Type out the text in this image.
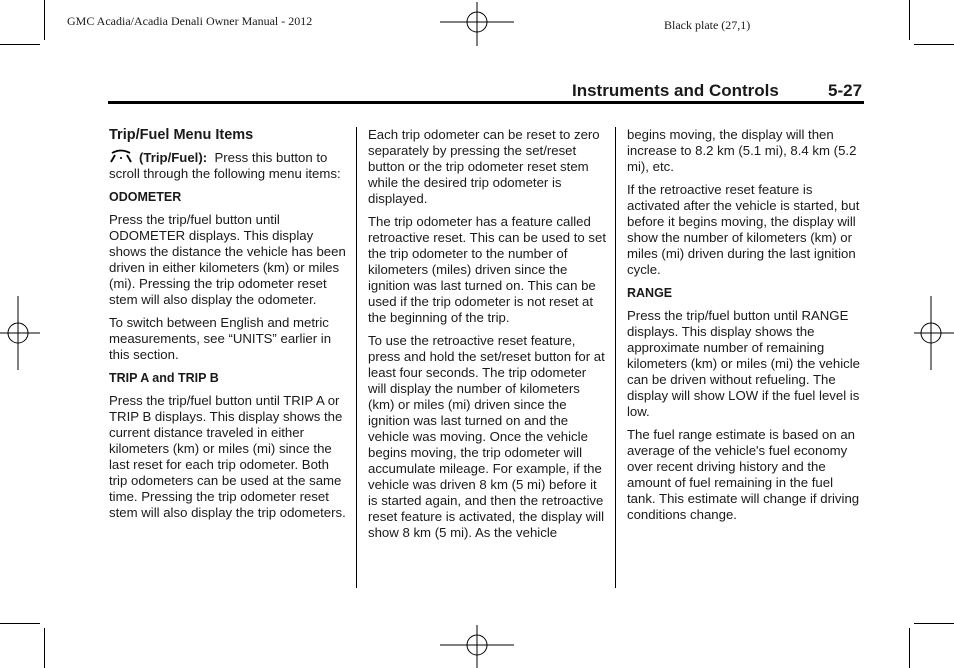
GMC Acadia/Acadia Denali Owner Manual - 2012	Black plate (27,1)
Instruments and Controls	5-27
Trip/Fuel Menu Items

(Trip/Fuel): Press this button to scroll through the following menu items:

ODOMETER

Press the trip/fuel button until ODOMETER displays. This display shows the distance the vehicle has been driven in either kilometers (km) or miles (mi). Pressing the trip odometer reset stem will also display the odometer.

To switch between English and metric measurements, see “UNITS” earlier in this section.

TRIP A and TRIP B

Press the trip/fuel button until TRIP A or TRIP B displays. This display shows the current distance traveled in either kilometers (km) or miles (mi) since the last reset for each trip odometer. Both trip odometers can be used at the same time. Pressing the trip odometer reset stem will also display the trip odometers.

Each trip odometer can be reset to zero separately by pressing the set/reset button or the trip odometer reset stem while the desired trip odometer is displayed.

The trip odometer has a feature called retroactive reset. This can be used to set the trip odometer to the number of kilometers (miles) driven since the ignition was last turned on. This can be used if the trip odometer is not reset at the beginning of the trip.

To use the retroactive reset feature, press and hold the set/reset button for at least four seconds. The trip odometer will display the number of kilometers (km) or miles (mi) driven since the ignition was last turned on and the vehicle was moving. Once the vehicle begins moving, the trip odometer will accumulate mileage. For example, if the vehicle was driven 8 km (5 mi) before it is started again, and then the retroactive reset feature is activated, the display will show 8 km (5 mi). As the vehicle

begins moving, the display will then increase to 8.2 km (5.1 mi), 8.4 km (5.2 mi), etc.

If the retroactive reset feature is activated after the vehicle is started, but before it begins moving, the display will show the number of kilometers (km) or miles (mi) driven during the last ignition cycle.

RANGE

Press the trip/fuel button until RANGE displays. This display shows the approximate number of remaining kilometers (km) or miles (mi) the vehicle can be driven without refueling. The display will show LOW if the fuel level is low.

The fuel range estimate is based on an average of the vehicle's fuel economy over recent driving history and the amount of fuel remaining in the fuel tank. This estimate will change if driving conditions change.
